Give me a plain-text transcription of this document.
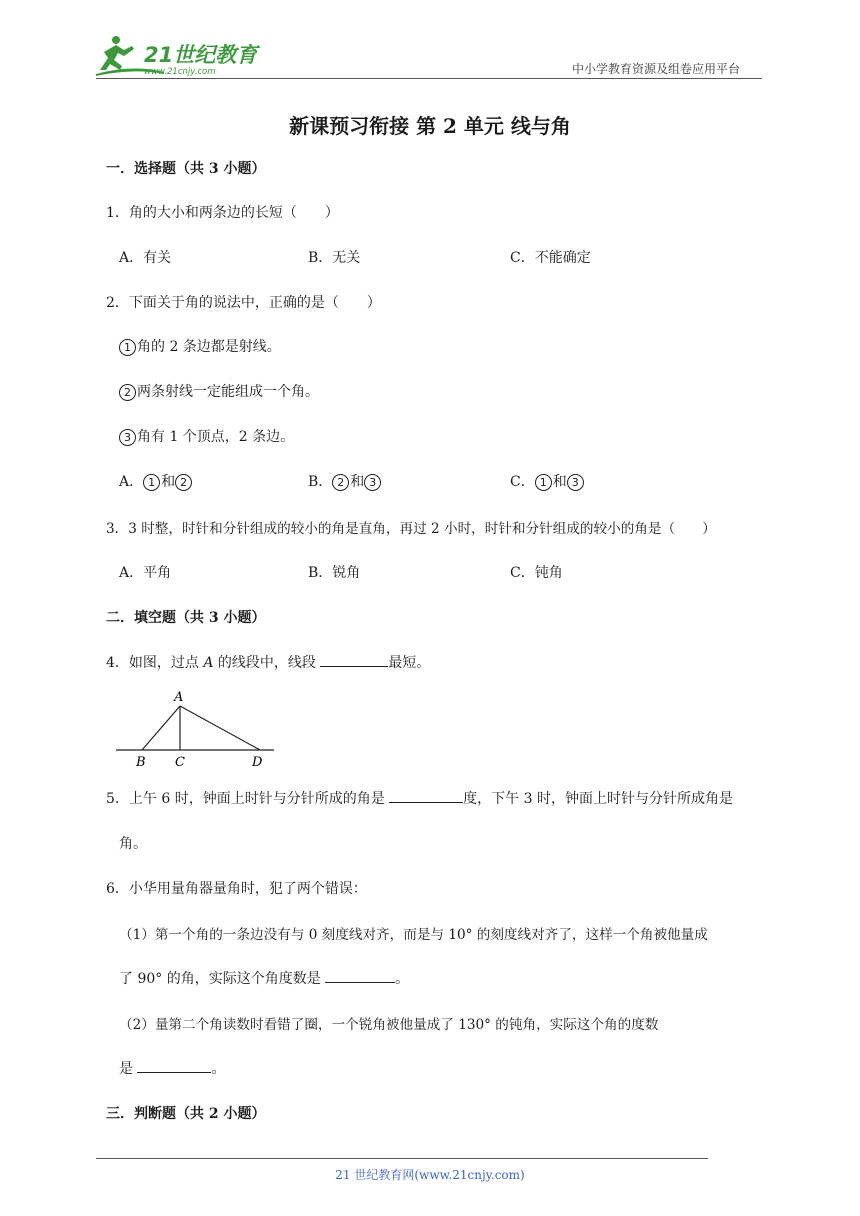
21世纪教育
www.21cnjy.com	中小学教育资源及组卷应用平台
新课预习衔接 第 2 单元 线与角
一．选择题（共 3 小题）
1．角的大小和两条边的长短（　　）
A．有关	B．无关	C．不能确定
2．下面关于角的说法中，正确的是（　　）
1 角的 2 条边都是射线。
2 两条射线一定能组成一个角。
3 角有 1 个顶点，2 条边。
A． 1 和 2	B． 2 和 3	C． 1 和 3
3．3 时整，时针和分针组成的较小的角是直角，再过 2 小时，时针和分针组成的较小的角是（　　）
A．平角	B．锐角	C．钝角
二．填空题（共 3 小题）
4．如图，过点 A 的线段中，线段	最短。
A
B C	D
5．上午 6 时，钟面上时针与分针所成的角是	度，下午 3 时，钟面上时针与分针所成角是
角。
6．小华用量角器量角时，犯了两个错误：
（1）第一个角的一条边没有与 0 刻度线对齐，而是与 10° 的刻度线对齐了，这样一个角被他量成
了 90° 的角，实际这个角度数是	。
（2）量第二个角读数时看错了圈，一个锐角被他量成了 130° 的钝角，实际这个角的度数
是	。
三．判断题（共 2 小题）
21 世纪教育网(www.21cnjy.com)
